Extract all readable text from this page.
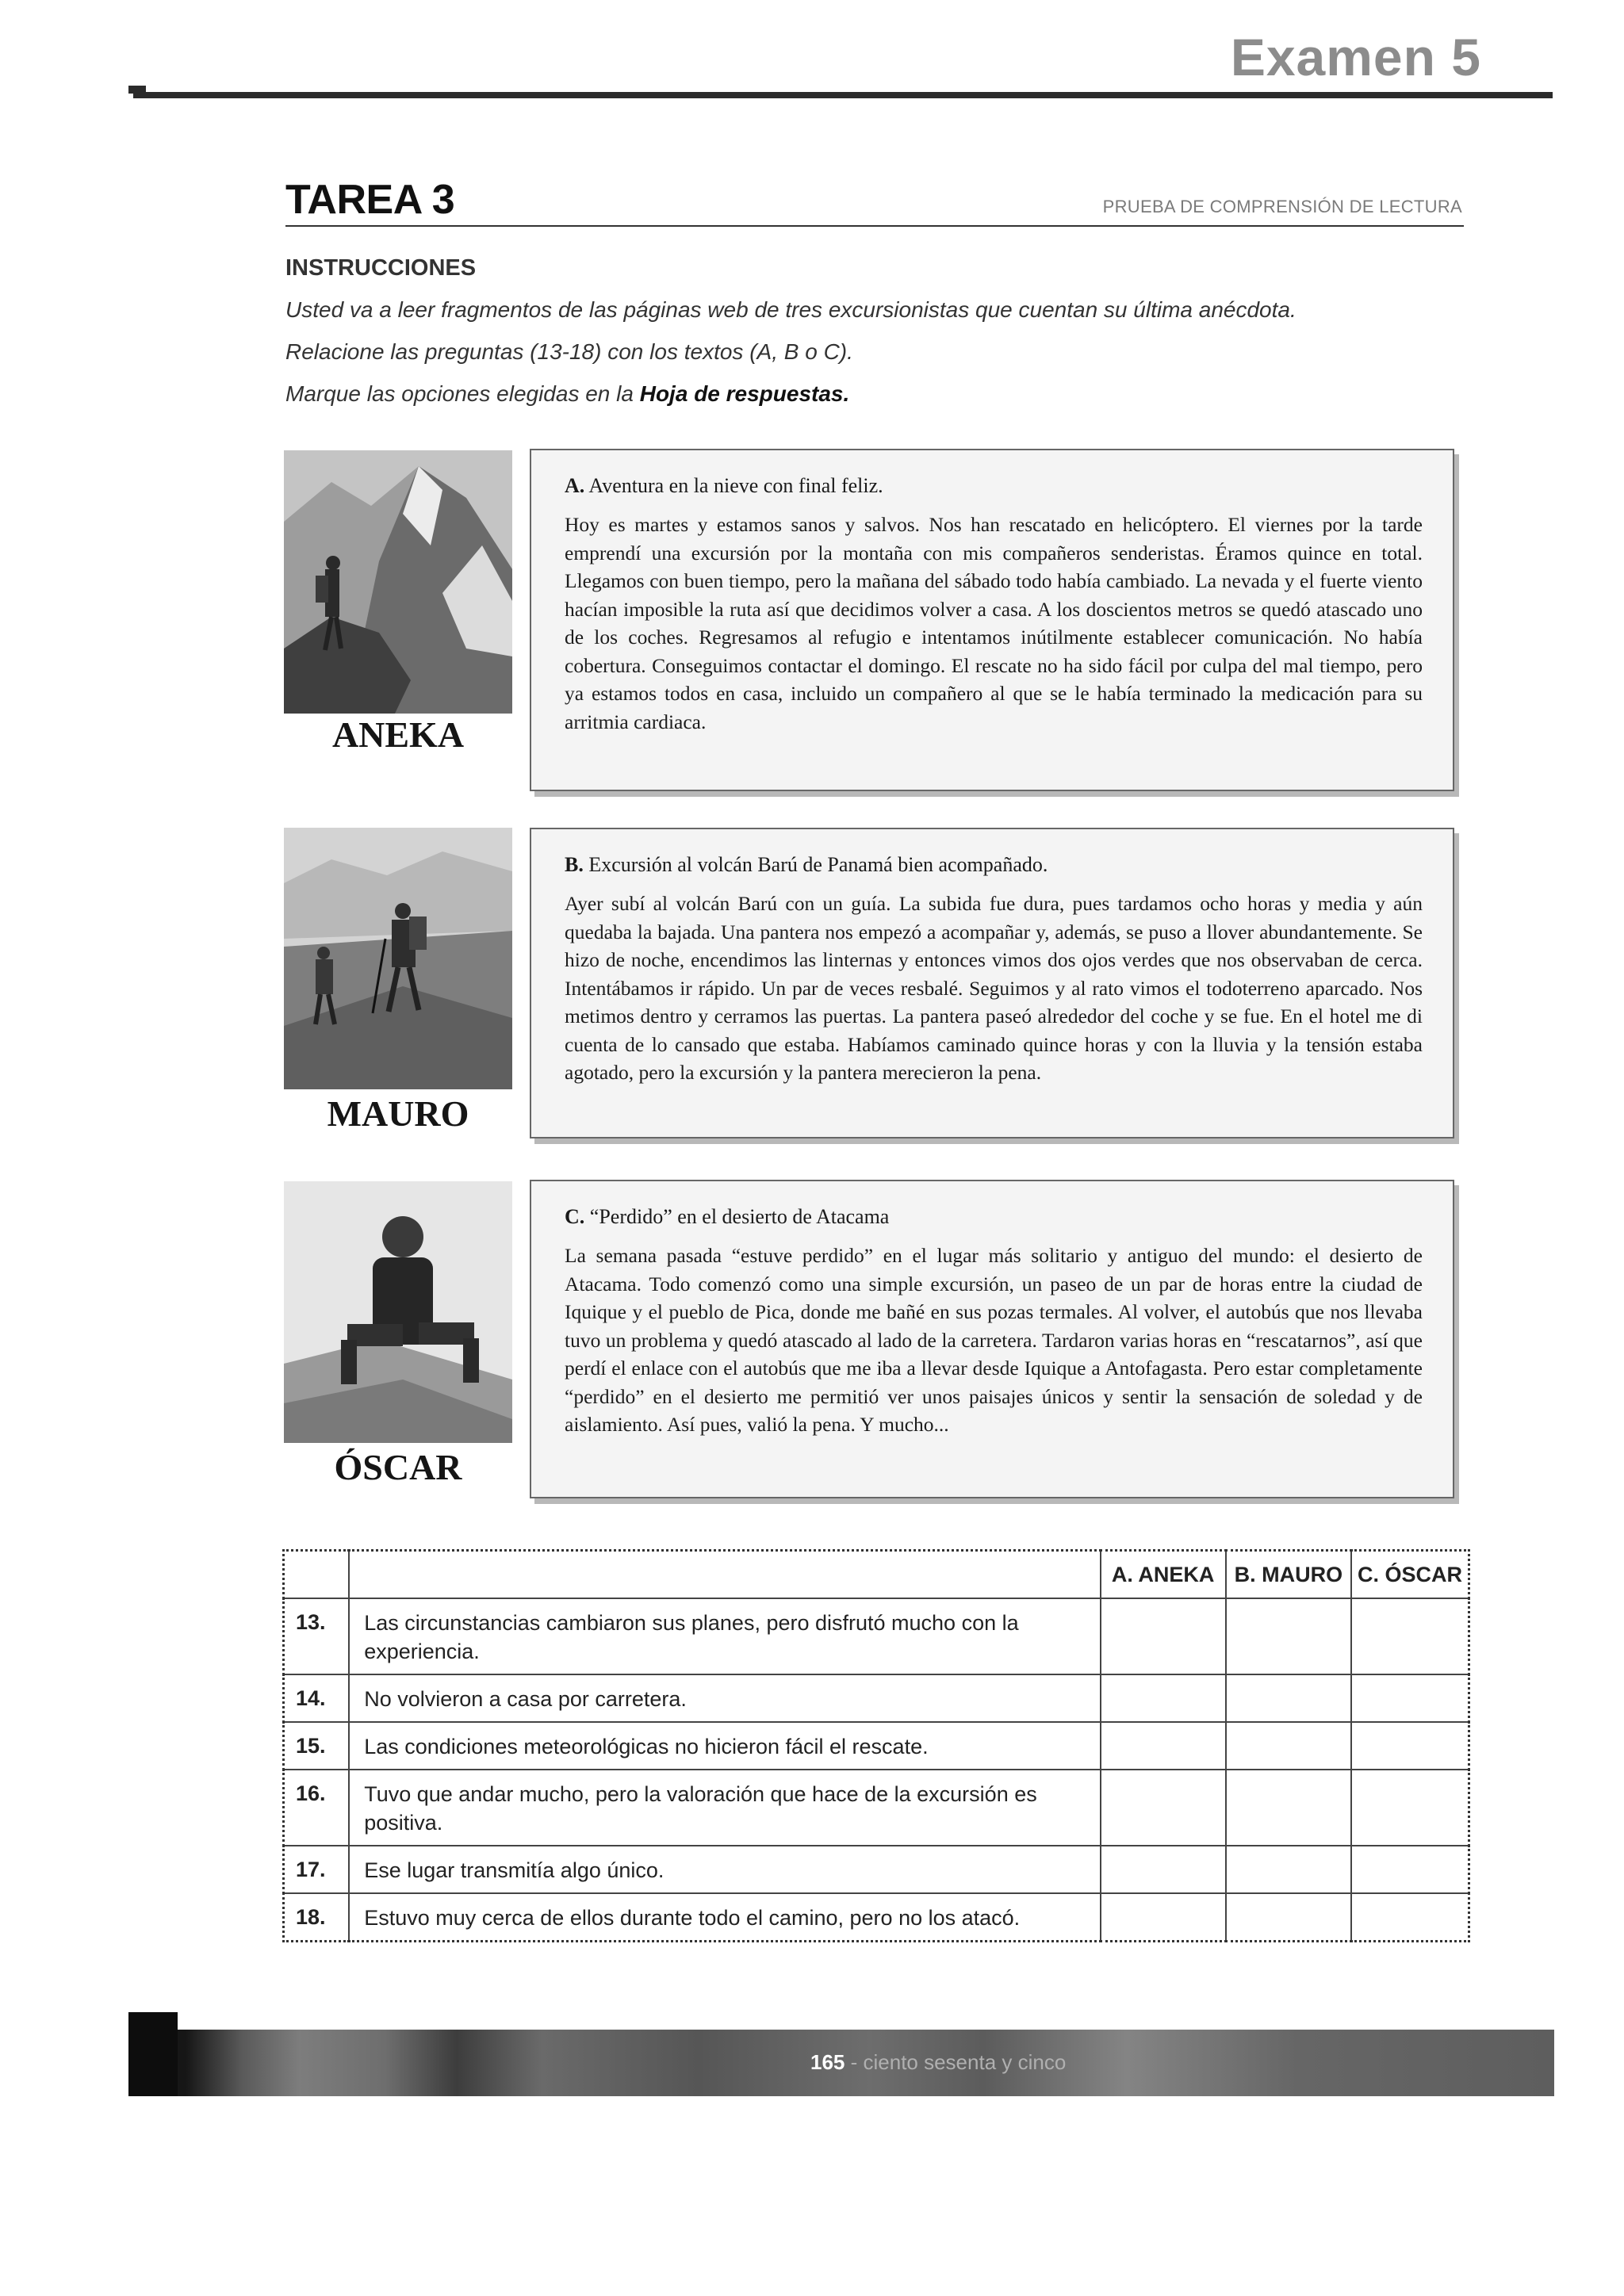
Examen 5
TAREA 3	PRUEBA DE COMPRENSIÓN DE LECTURA
INSTRUCCIONES
Usted va a leer fragmentos de las páginas web de tres excursionistas que cuentan su última anécdota.
Relacione las preguntas (13-18) con los textos (A, B o C).
Marque las opciones elegidas en la Hoja de respuestas.
ANEKA
A. Aventura en la nieve con final feliz.
Hoy es martes y estamos sanos y salvos. Nos han rescatado en helicóptero. El viernes por la tarde emprendí una excursión por la montaña con mis compañeros senderistas. Éramos quince en total. Llegamos con buen tiempo, pero la mañana del sábado todo había cambiado. La nevada y el fuerte viento hacían imposible la ruta así que decidimos volver a casa. A los doscientos metros se quedó atascado uno de los coches. Regresamos al refugio e intentamos inútilmente establecer comunicación. No había cobertura. Conseguimos contactar el domingo. El rescate no ha sido fácil por culpa del mal tiempo, pero ya estamos todos en casa, incluido un compañero al que se le había terminado la medicación para su arritmia cardiaca.
MAURO
B. Excursión al volcán Barú de Panamá bien acompañado.
Ayer subí al volcán Barú con un guía. La subida fue dura, pues tardamos ocho horas y media y aún quedaba la bajada. Una pantera nos empezó a acompañar y, además, se puso a llover abundantemente. Se hizo de noche, encendimos las linternas y entonces vimos dos ojos verdes que nos observaban de cerca. Intentábamos ir rápido. Un par de veces resbalé. Seguimos y al rato vimos el todoterreno aparcado. Nos metimos dentro y cerramos las puertas. La pantera paseó alrededor del coche y se fue. En el hotel me di cuenta de lo cansado que estaba. Habíamos caminado quince horas y con la lluvia y la tensión estaba agotado, pero la excursión y la pantera merecieron la pena.
ÓSCAR
C. “Perdido” en el desierto de Atacama
La semana pasada “estuve perdido” en el lugar más solitario y antiguo del mundo: el desierto de Atacama. Todo comenzó como una simple excursión, un paseo de un par de horas entre la ciudad de Iquique y el pueblo de Pica, donde me bañé en sus pozas termales. Al volver, el autobús que nos llevaba tuvo un problema y quedó atascado al lado de la carretera. Tardaron varias horas en “rescatarnos”, así que perdí el enlace con el autobús que me iba a llevar desde Iquique a Antofagasta. Pero estar completamente “perdido” en el desierto me permitió ver unos paisajes únicos y sentir la sensación de soledad y de aislamiento. Así pues, valió la pena. Y mucho...
		A. ANEKA	B. MAURO	C. ÓSCAR
13.	Las circunstancias cambiaron sus planes, pero disfrutó mucho con la experiencia.			
14.	No volvieron a casa por carretera.			
15.	Las condiciones meteorológicas no hicieron fácil el rescate.			
16.	Tuvo que andar mucho, pero la valoración que hace de la excursión es positiva.			
17.	Ese lugar transmitía algo único.			
18.	Estuvo muy cerca de ellos durante todo el camino, pero no los atacó.			
165 - ciento sesenta y cinco
